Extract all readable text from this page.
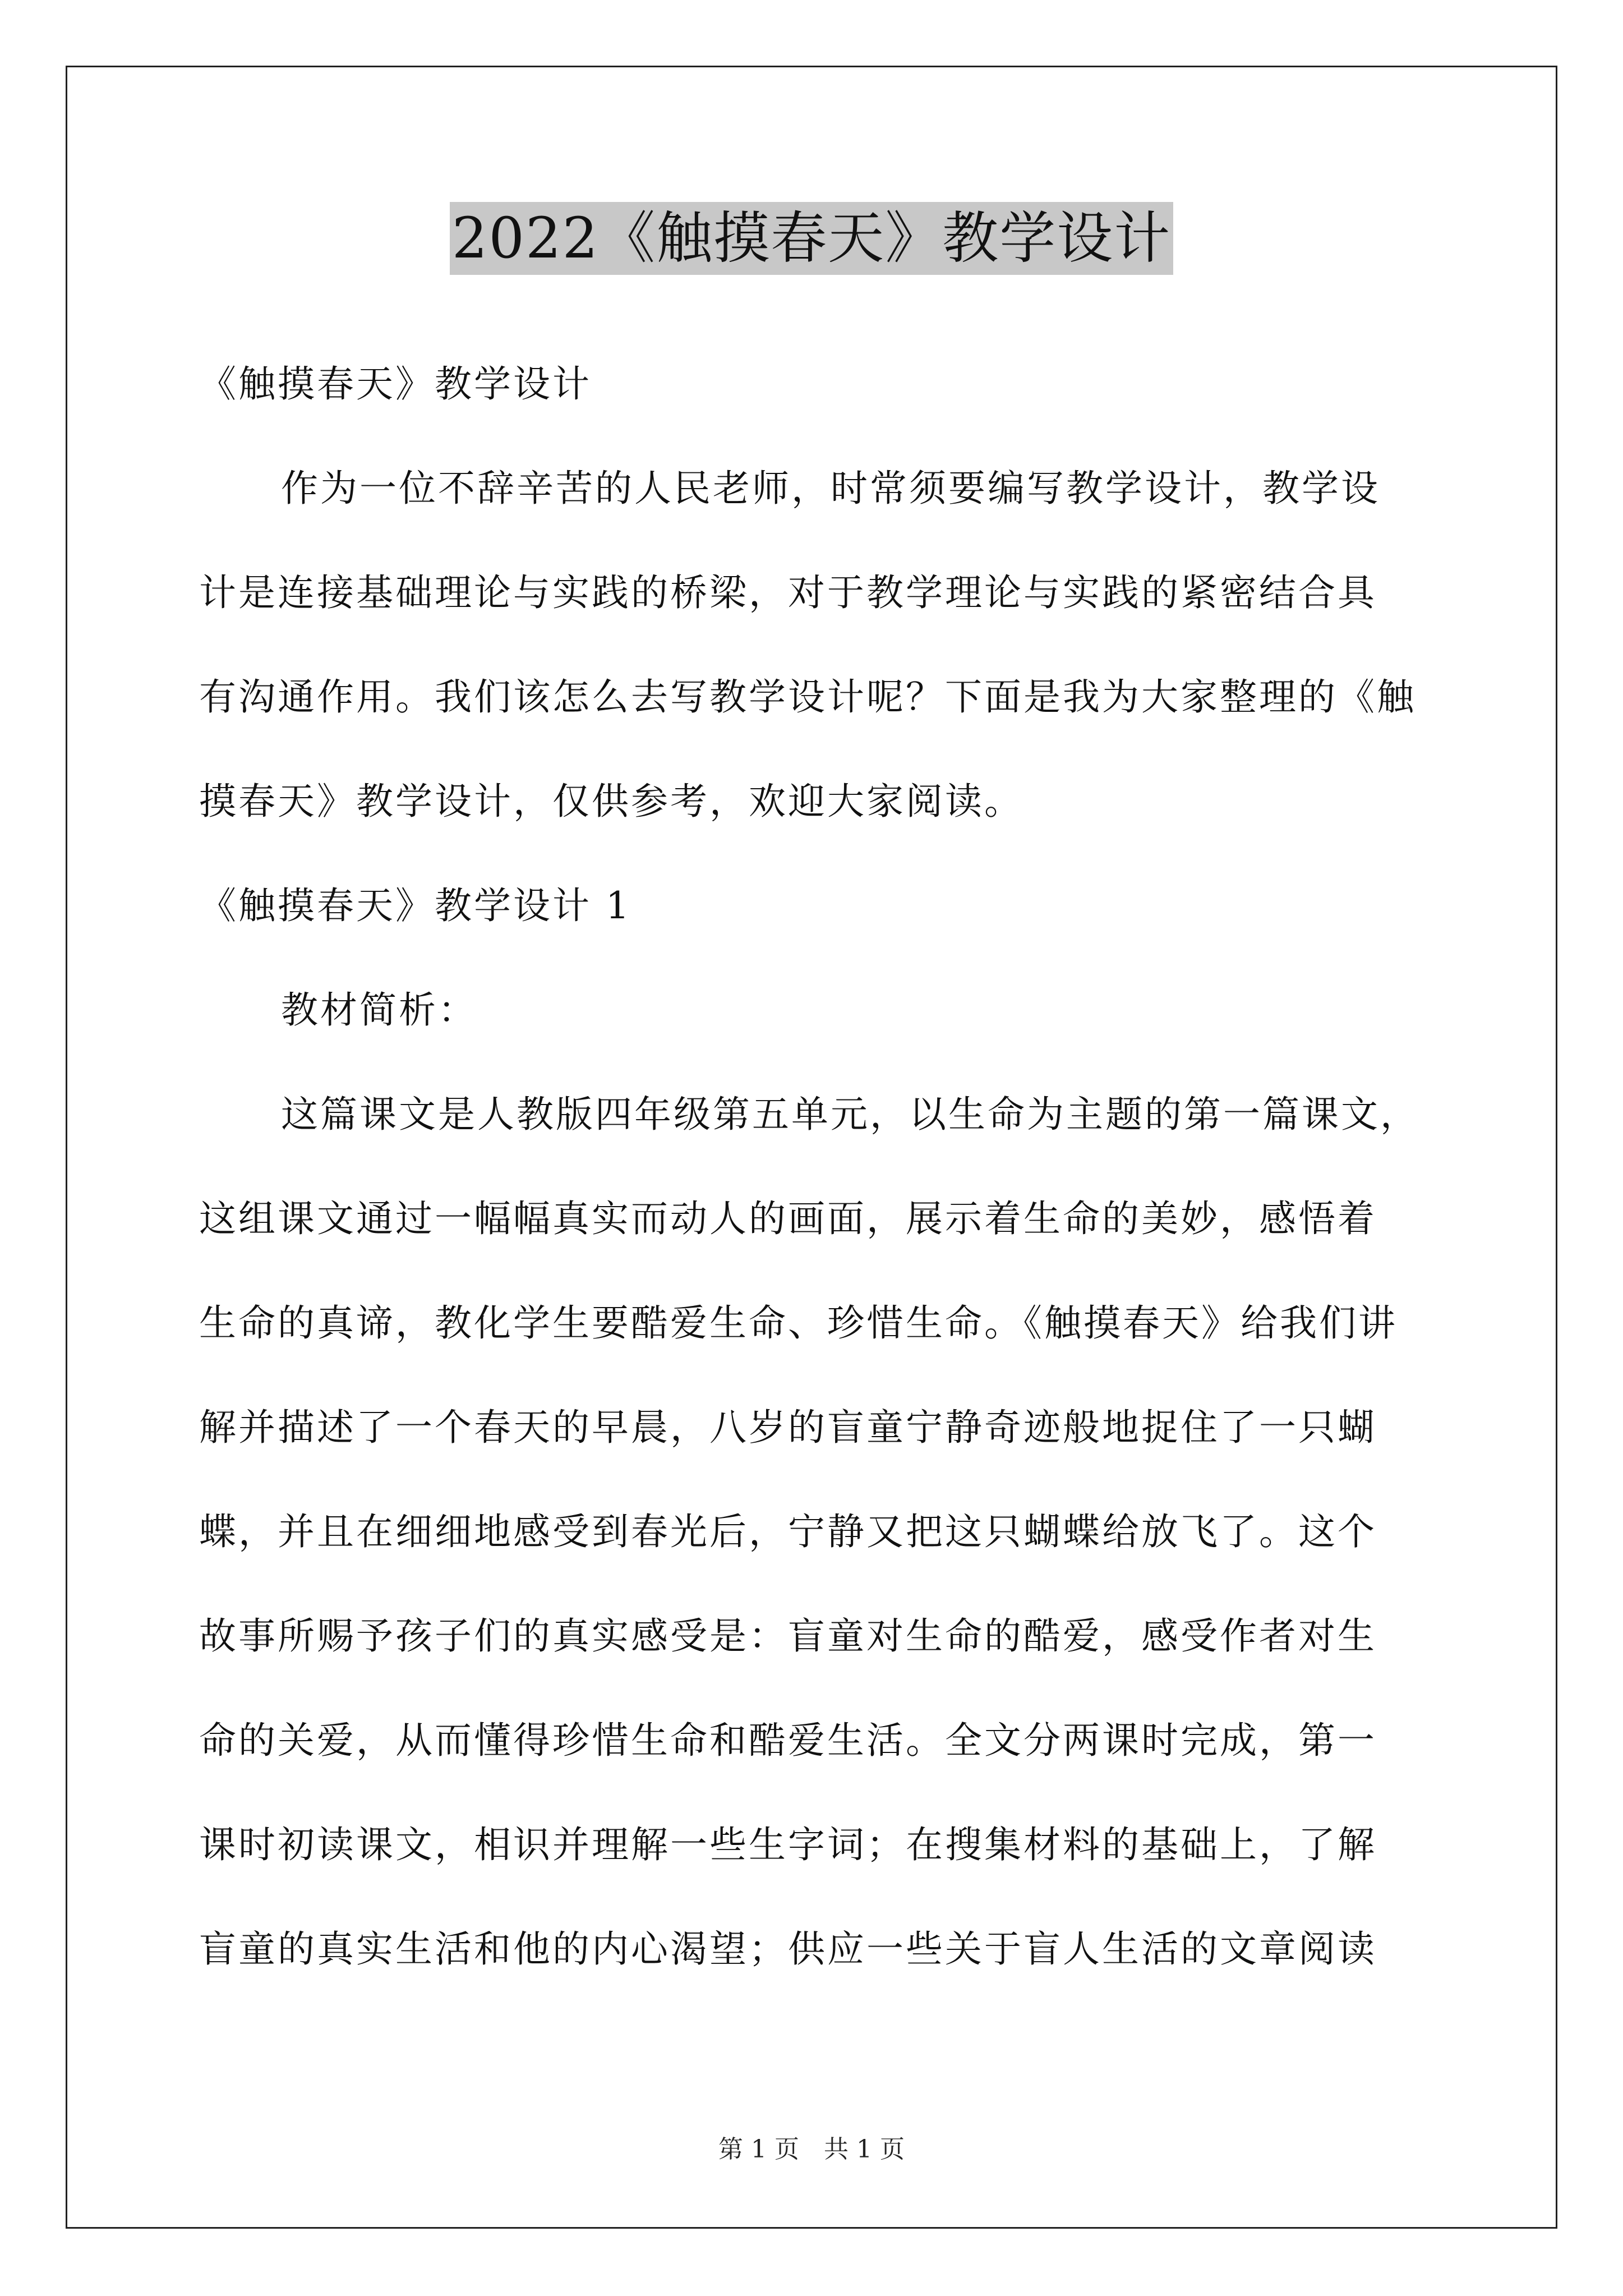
2022《触摸春天》教学设计
《触摸春天》教学设计
作为一位不辞辛苦的人民老师，时常须要编写教学设计，教学设
计是连接基础理论与实践的桥梁，对于教学理论与实践的紧密结合具
有沟通作用。我们该怎么去写教学设计呢？下面是我为大家整理的《触
摸春天》教学设计，仅供参考，欢迎大家阅读。
《触摸春天》教学设计 1
教材简析：
这篇课文是人教版四年级第五单元，以生命为主题的第一篇课文，
这组课文通过一幅幅真实而动人的画面，展示着生命的美妙，感悟着
生命的真谛，教化学生要酷爱生命、珍惜生命。《触摸春天》给我们讲
解并描述了一个春天的早晨，八岁的盲童宁静奇迹般地捉住了一只蝴
蝶，并且在细细地感受到春光后，宁静又把这只蝴蝶给放飞了。这个
故事所赐予孩子们的真实感受是：盲童对生命的酷爱，感受作者对生
命的关爱，从而懂得珍惜生命和酷爱生活。全文分两课时完成，第一
课时初读课文，相识并理解一些生字词；在搜集材料的基础上，了解
盲童的真实生活和他的内心渴望；供应一些关于盲人生活的文章阅读
第 1 页 共 1 页
